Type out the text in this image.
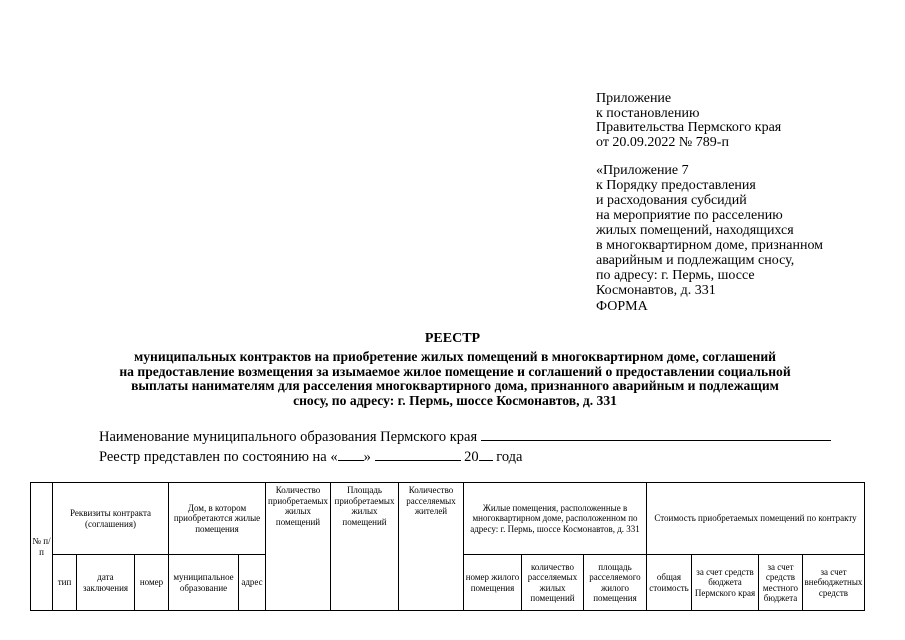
Приложение
к постановлению
Правительства Пермского края
от 20.09.2022 № 789-п
«Приложение 7
к Порядку предоставления
и расходования субсидий
на мероприятие по расселению
жилых помещений, находящихся
в многоквартирном доме, признанном
аварийным и подлежащим сносу,
по адресу: г. Пермь, шоссе
Космонавтов, д. 331
ФОРМА
РЕЕСТР
муниципальных контрактов на приобретение жилых помещений в многоквартирном доме, соглашений
на предоставление возмещения за изымаемое жилое помещение и соглашений о предоставлении социальной
выплаты нанимателям для расселения многоквартирного дома, признанного аварийным и подлежащим
сносу, по адресу: г. Пермь, шоссе Космонавтов, д. 331
Наименование муниципального образования Пермского края
Реестр представлен по состоянию на « »	20 года
№ п/п	Реквизиты контракта (соглашения)			Дом, в котором приобретаются жилые помещения		Количество приобретаемых жилых помещений	Площадь приобретаемых жилых помещений	Количество расселяемых жителей	Жилые помещения, расположенные в многоквартирном доме, расположенном по адресу: г. Пермь, шоссе Космонавтов, д. 331			Стоимость приобретаемых помещений по контракту			
	тип	дата заключения	номер	муниципальное образование	адрес				номер жилого помещения	количество расселяемых жилых помещений	площадь расселяемого жилого помещения	общая стоимость	за счет средств бюджета Пермского края	за счет средств местного бюджета	за счет внебюджетных средств
